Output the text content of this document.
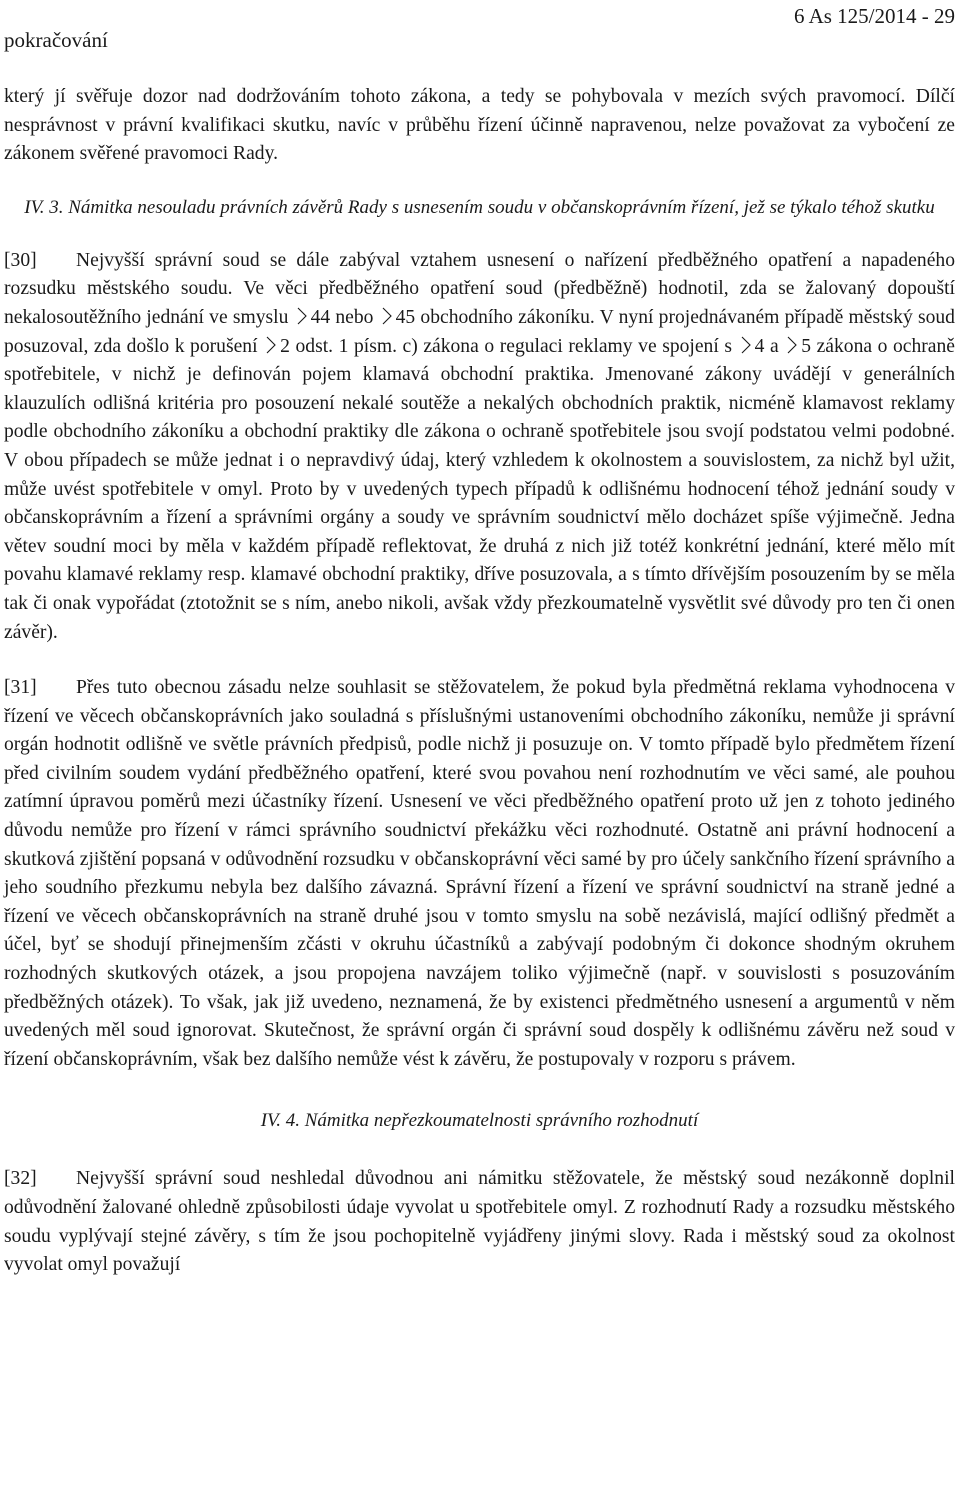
pokračování
6 As 125/2014 - 29

který jí svěřuje dozor nad dodržováním tohoto zákona, a tedy se pohybovala v mezích svých pravomocí. Dílčí nesprávnost v právní kvalifikaci skutku, navíc v průběhu řízení účinně napravenou, nelze považovat za vybočení ze zákonem svěřené pravomoci Rady.

IV. 3. Námitka nesouladu právních závěrů Rady s usnesením soudu v občanskoprávním řízení, jež se týkalo téhož skutku

[30] Nejvyšší správní soud se dále zabýval vztahem usnesení o nařízení předběžného opatření a napadeného rozsudku městského soudu. Ve věci předběžného opatření soud (předběžně) hodnotil, zda se žalovaný dopouští nekalosoutěžního jednání ve smyslu 44 nebo 45 obchodního zákoníku. V nyní projednávaném případě městský soud posuzoval, zda došlo k porušení 2 odst. 1 písm. c) zákona o regulaci reklamy ve spojení s 4 a 5 zákona o ochraně spotřebitele, v nichž je definován pojem klamavá obchodní praktika. Jmenované zákony uvádějí v generálních klauzulích odlišná kritéria pro posouzení nekalé soutěže a nekalých obchodních praktik, nicméně klamavost reklamy podle obchodního zákoníku a obchodní praktiky dle zákona o ochraně spotřebitele jsou svojí podstatou velmi podobné. V obou případech se může jednat i o nepravdivý údaj, který vzhledem k okolnostem a souvislostem, za nichž byl užit, může uvést spotřebitele v omyl. Proto by v uvedených typech případů k odlišnému hodnocení téhož jednání soudy v občanskoprávním a řízení a správními orgány a soudy ve správním soudnictví mělo docházet spíše výjimečně. Jedna větev soudní moci by měla v každém případě reflektovat, že druhá z nich již totéž konkrétní jednání, které mělo mít povahu klamavé reklamy resp. klamavé obchodní praktiky, dříve posuzovala, a s tímto dřívějším posouzením by se měla tak či onak vypořádat (ztotožnit se s ním, anebo nikoli, avšak vždy přezkoumatelně vysvětlit své důvody pro ten či onen závěr).

[31] Přes tuto obecnou zásadu nelze souhlasit se stěžovatelem, že pokud byla předmětná reklama vyhodnocena v řízení ve věcech občanskoprávních jako souladná s příslušnými ustanoveními obchodního zákoníku, nemůže ji správní orgán hodnotit odlišně ve světle právních předpisů, podle nichž ji posuzuje on. V tomto případě bylo předmětem řízení před civilním soudem vydání předběžného opatření, které svou povahou není rozhodnutím ve věci samé, ale pouhou zatímní úpravou poměrů mezi účastníky řízení. Usnesení ve věci předběžného opatření proto už jen z tohoto jediného důvodu nemůže pro řízení v rámci správního soudnictví překážku věci rozhodnuté. Ostatně ani právní hodnocení a skutková zjištění popsaná v odůvodnění rozsudku v občanskoprávní věci samé by pro účely sankčního řízení správního a jeho soudního přezkumu nebyla bez dalšího závazná. Správní řízení a řízení ve správní soudnictví na straně jedné a řízení ve věcech občanskoprávních na straně druhé jsou v tomto smyslu na sobě nezávislá, mající odlišný předmět a účel, byť se shodují přinejmenším zčásti v okruhu účastníků a zabývají podobným či dokonce shodným okruhem rozhodných skutkových otázek, a jsou propojena navzájem toliko výjimečně (např. v souvislosti s posuzováním předběžných otázek). To však, jak již uvedeno, neznamená, že by existenci předmětného usnesení a argumentů v něm uvedených měl soud ignorovat. Skutečnost, že správní orgán či správní soud dospěly k odlišnému závěru než soud v řízení občanskoprávním, však bez dalšího nemůže vést k závěru, že postupovaly v rozporu s právem.

IV. 4. Námitka nepřezkoumatelnosti správního rozhodnutí

[32] Nejvyšší správní soud neshledal důvodnou ani námitku stěžovatele, že městský soud nezákonně doplnil odůvodnění žalované ohledně způsobilosti údaje vyvolat u spotřebitele omyl. Z rozhodnutí Rady a rozsudku městského soudu vyplývají stejné závěry, s tím že jsou pochopitelně vyjádřeny jinými slovy. Rada i městský soud za okolnost vyvolat omyl považují
